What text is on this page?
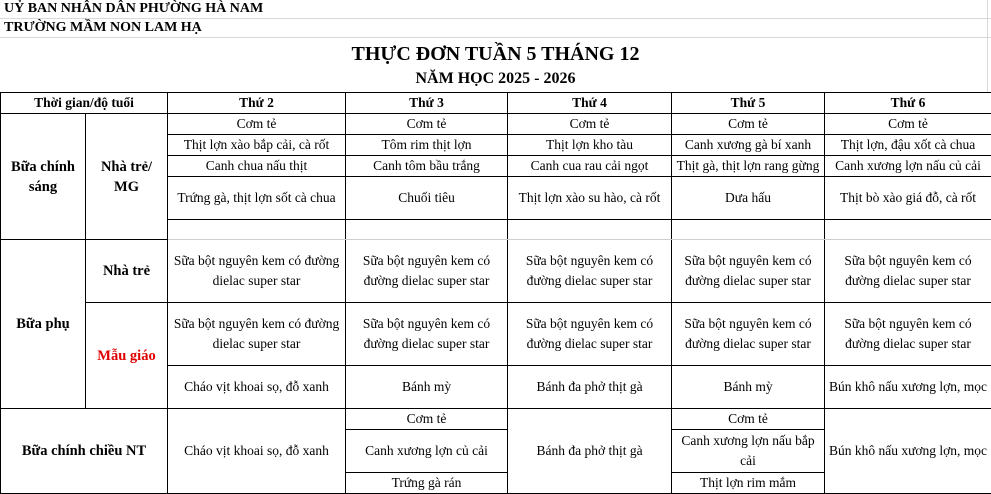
UỶ BAN NHÂN DÂN PHƯỜNG HÀ NAM
TRƯỜNG MẦM NON LAM HẠ
THỰC ĐƠN TUẦN 5 THÁNG 12
NĂM HỌC 2025 - 2026
Thời gian/độ tuổi		Thứ 2	Thứ 3	Thứ 4	Thứ 5	Thứ 6
Bữa chính sáng	Nhà trẻ/ MG	Cơm tẻ	Cơm tẻ	Cơm tẻ	Cơm tẻ	Cơm tẻ
		Thịt lợn xào bắp cải, cà rốt	Tôm rim thịt lợn	Thịt lợn kho tàu	Canh xương gà bí xanh	Thịt lợn, đậu xốt cà chua
		Canh chua nấu thịt	Canh tôm bầu trắng	Canh cua rau cải ngọt	Thịt gà, thịt lợn rang gừng	Canh xương lợn nấu củ cải
		Trứng gà, thịt lợn sốt cà chua	Chuối tiêu	Thịt lợn xào su hào, cà rốt	Dưa hấu	Thịt bò xào giá đỗ, cà rốt

Bữa phụ	Nhà trẻ	Sữa bột nguyên kem có đường dielac super star	Sữa bột nguyên kem có đường dielac super star	Sữa bột nguyên kem có đường dielac super star	Sữa bột nguyên kem có đường dielac super star	Sữa bột nguyên kem có đường dielac super star
	Mẫu giáo	Sữa bột nguyên kem có đường dielac super star	Sữa bột nguyên kem có đường dielac super star	Sữa bột nguyên kem có đường dielac super star	Sữa bột nguyên kem có đường dielac super star	Sữa bột nguyên kem có đường dielac super star
		Cháo vịt khoai sọ, đỗ xanh	Bánh mỳ	Bánh đa phở thịt gà	Bánh mỳ	Bún khô nấu xương lợn, mọc
Bữa chính chiều NT		Cháo vịt khoai sọ, đỗ xanh	Cơm tẻ	Bánh đa phở thịt gà	Cơm tẻ	Bún khô nấu xương lợn, mọc
			Canh xương lợn củ cải		Canh xương lợn nấu bắp cải	
			Trứng gà rán		Thịt lợn rim mắm	
